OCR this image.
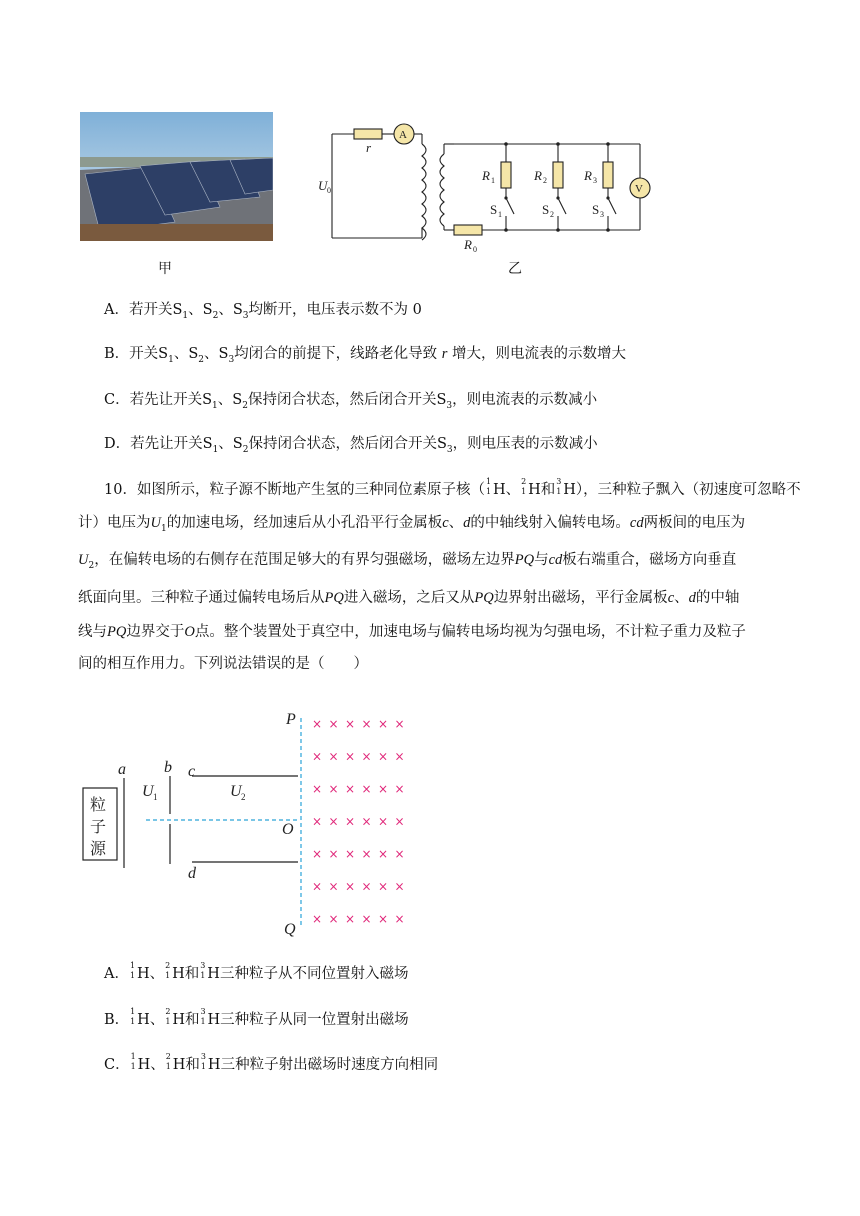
甲
r
A
U 0
R 0
R 1	R 2	R 3
S 1	S 2	S 3
V
乙
A．若开关$S_1$、$S_2$、$S_3$均断开，电压表示数不为 0
B．开关$S_1$、$S_2$、$S_3$均闭合的前提下，线路老化导致 r 增大，则电流表的示数增大
C．若先让开关$S_1$、$S_2$保持闭合状态，然后闭合开关$S_3$，则电流表的示数减小
D．若先让开关$S_1$、$S_2$保持闭合状态，然后闭合开关$S_3$，则电压表的示数减小
10．如图所示，粒子源不断地产生氢的三种同位素原子核（
1
1 H、
2
1 H和
3
1 H），三种粒子飘入（初速度可忽略不
计）电压为$U_1$的加速电场，经加速后从小孔沿平行金属板c、d的中轴线射入偏转电场。cd两板间的电压为
$U_2$，在偏转电场的右侧存在范围足够大的有界匀强磁场，磁场左边界PQ与cd板右端重合，磁场方向垂直
纸面向里。三种粒子通过偏转电场后从PQ进入磁场，之后又从PQ边界射出磁场，平行金属板c、d的中轴
线与PQ边界交于O点。整个装置处于真空中，加速电场与偏转电场均视为匀强电场，不计粒子重力及粒子
间的相互作用力。下列说法错误的是（　　）
粒
子
源
a b c
d
U 1	U 2
P
O
Q
× × × × × ×
× × × × × ×
× × × × × ×
× × × × × ×
× × × × × ×
× × × × × ×
× × × × × ×
A．
1
1 H、
2
1 H和
3
1 H三种粒子从不同位置射入磁场
B．
1
1 H、
2
1 H和
3
1 H三种粒子从同一位置射出磁场
C．
1
1 H、
2
1 H和
3
1 H三种粒子射出磁场时速度方向相同
